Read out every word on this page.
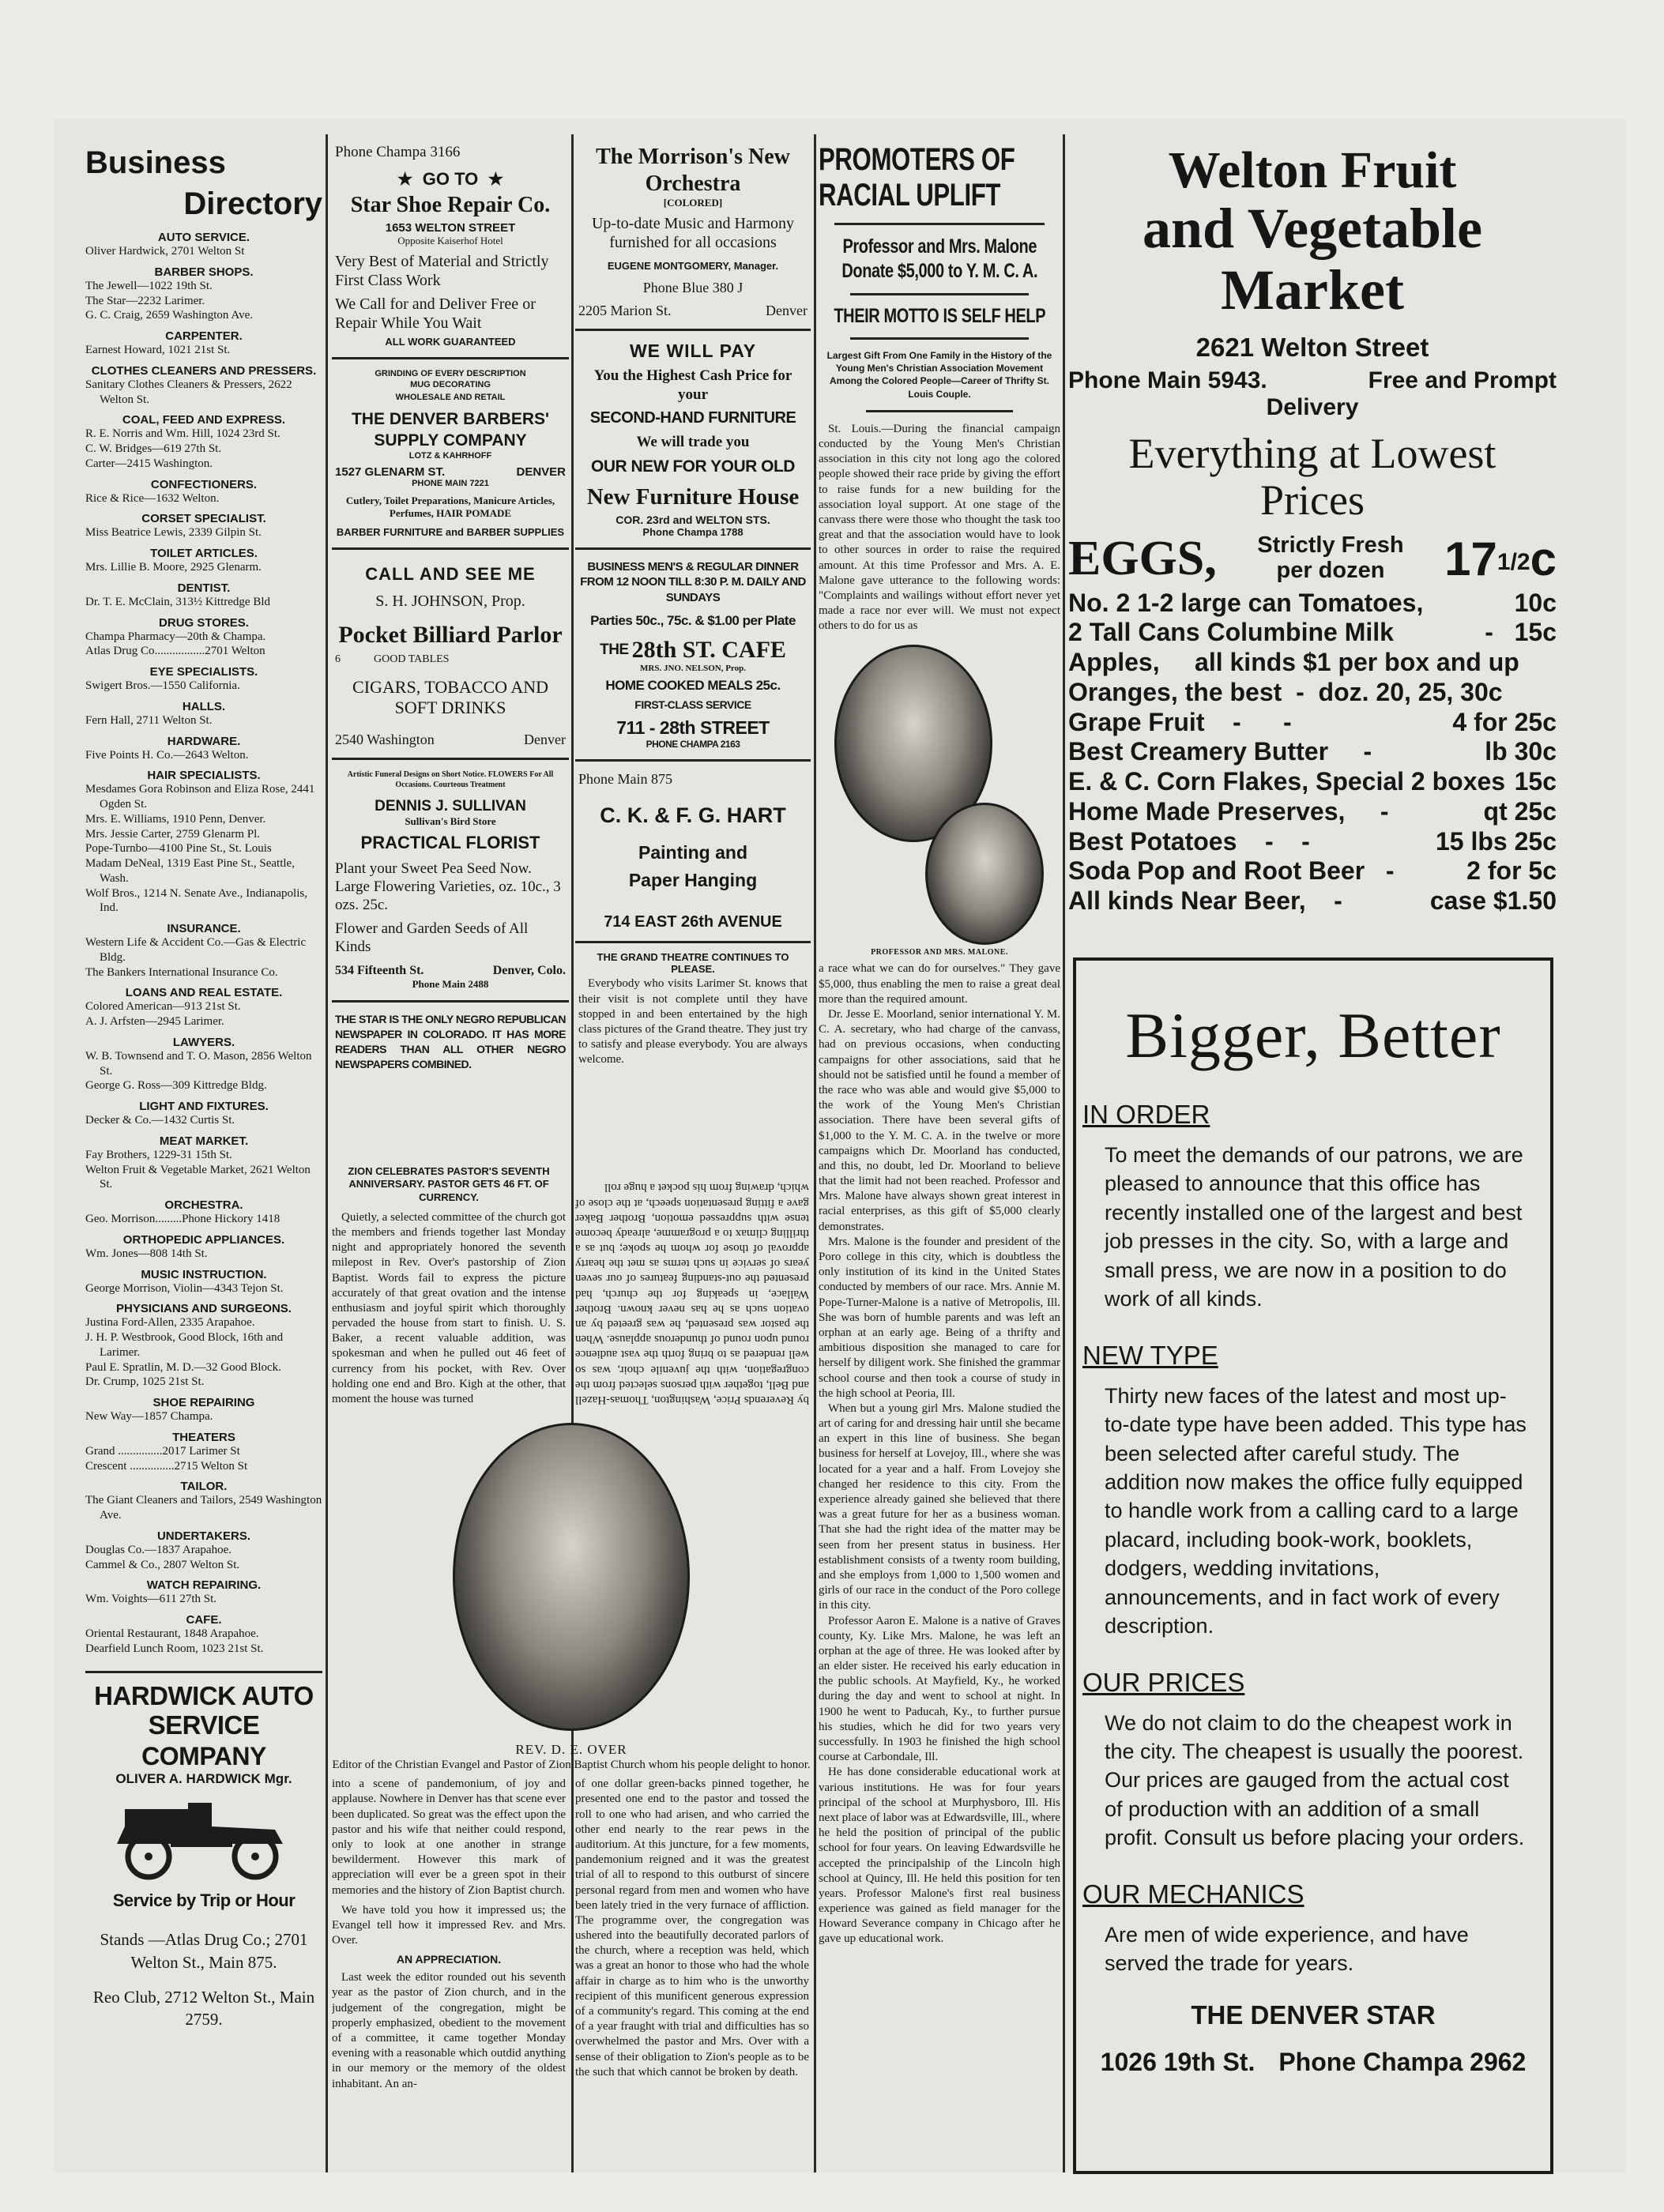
Business
Directory
AUTO SERVICE.
Oliver Hardwick, 2701 Welton St
BARBER SHOPS.
The Jewell—1022 19th St.
The Star—2232 Larimer.
G. C. Craig, 2659 Washington Ave.
CARPENTER.
Earnest Howard, 1021 21st St.
CLOTHES CLEANERS AND PRESSERS.
Sanitary Clothes Cleaners & Pressers, 2622 Welton St.
COAL, FEED AND EXPRESS.
R. E. Norris and Wm. Hill, 1024 23rd St.
C. W. Bridges—619 27th St.
Carter—2415 Washington.
CONFECTIONERS.
Rice & Rice—1632 Welton.
CORSET SPECIALIST.
Miss Beatrice Lewis, 2339 Gilpin St.
TOILET ARTICLES.
Mrs. Lillie B. Moore, 2925 Glenarm.
DENTIST.
Dr. T. E. McClain, 313½ Kittredge Bld
DRUG STORES.
Champa Pharmacy—20th & Champa.
Atlas Drug Co.................2701 Welton
EYE SPECIALISTS.
Swigert Bros.—1550 California.
HALLS.
Fern Hall, 2711 Welton St.
HARDWARE.
Five Points H. Co.—2643 Welton.
HAIR SPECIALISTS.
Mesdames Gora Robinson and Eliza Rose, 2441 Ogden St.
Mrs. E. Williams, 1910 Penn, Denver.
Mrs. Jessie Carter, 2759 Glenarm Pl.
Pope-Turnbo—4100 Pine St., St. Louis
Madam DeNeal, 1319 East Pine St., Seattle, Wash.
Wolf Bros., 1214 N. Senate Ave., Indianapolis, Ind.
INSURANCE.
Western Life & Accident Co.—Gas & Electric Bldg.
The Bankers International Insurance Co.
LOANS AND REAL ESTATE.
Colored American—913 21st St.
A. J. Arfsten—2945 Larimer.
LAWYERS.
W. B. Townsend and T. O. Mason, 2856 Welton St.
George G. Ross—309 Kittredge Bldg.
LIGHT AND FIXTURES.
Decker & Co.—1432 Curtis St.
MEAT MARKET.
Fay Brothers, 1229-31 15th St.
Welton Fruit & Vegetable Market, 2621 Welton St.
ORCHESTRA.
Geo. Morrison.........Phone Hickory 1418
ORTHOPEDIC APPLIANCES.
Wm. Jones—808 14th St.
MUSIC INSTRUCTION.
George Morrison, Violin—4343 Tejon St.
PHYSICIANS AND SURGEONS.
Justina Ford-Allen, 2335 Arapahoe.
J. H. P. Westbrook, Good Block, 16th and Larimer.
Paul E. Spratlin, M. D.—32 Good Block.
Dr. Crump, 1025 21st St.
SHOE REPAIRING
New Way—1857 Champa.
THEATERS
Grand ...............2017 Larimer St
Crescent ...............2715 Welton St
TAILOR.
The Giant Cleaners and Tailors, 2549 Washington Ave.
UNDERTAKERS.
Douglas Co.—1837 Arapahoe.
Cammel & Co., 2807 Welton St.
WATCH REPAIRING.
Wm. Voights—611 27th St.
CAFE.
Oriental Restaurant, 1848 Arapahoe.
Dearfield Lunch Room, 1023 21st St.
HARDWICK AUTO SERVICE
COMPANY
OLIVER A. HARDWICK Mgr.
Service by Trip or Hour
Stands —Atlas Drug Co.; 2701 Welton St., Main 875.
Reo Club, 2712 Welton St., Main 2759.
Phone Champa 3166
★ GO TO ★
Star Shoe Repair Co.
1653 WELTON STREET
Opposite Kaiserhof Hotel
Very Best of Material and Strictly First Class Work
We Call for and Deliver Free or Repair While You Wait
ALL WORK GUARANTEED
GRINDING OF EVERY DESCRIPTION
MUG DECORATING
WHOLESALE AND RETAIL
THE DENVER BARBERS' SUPPLY COMPANY
LOTZ & KAHRHOFF
1527 GLENARM ST.	DENVER
PHONE MAIN 7221
Cutlery, Toilet Preparations, Manicure Articles, Perfumes, HAIR POMADE
BARBER FURNITURE and BARBER SUPPLIES
CALL AND SEE ME
S. H. JOHNSON, Prop.
Pocket Billiard Parlor
6	GOOD TABLES
CIGARS, TOBACCO AND SOFT DRINKS
2540 Washington	Denver
Artistic Funeral Designs on Short Notice. FLOWERS For All Occasions. Courteous Treatment
DENNIS J. SULLIVAN
Sullivan's Bird Store
PRACTICAL FLORIST
Plant your Sweet Pea Seed Now. Large Flowering Varieties, oz. 10c., 3 ozs. 25c.
Flower and Garden Seeds of All Kinds
534 Fifteenth St.	Denver, Colo.
Phone Main 2488
THE STAR IS THE ONLY NEGRO REPUBLICAN NEWSPAPER IN COLORADO. IT HAS MORE READERS THAN ALL OTHER NEGRO NEWSPAPERS COMBINED.
The Morrison's New Orchestra
[COLORED]
Up-to-date Music and Harmony furnished for all occasions
EUGENE MONTGOMERY, Manager.
Phone Blue 380 J
2205 Marion St.	Denver
WE WILL PAY
You the Highest Cash Price for your
SECOND-HAND FURNITURE
We will trade you
OUR NEW FOR YOUR OLD
New Furniture House
COR. 23rd and WELTON STS.
Phone Champa 1788
BUSINESS MEN'S & REGULAR DINNER FROM 12 NOON TILL 8:30 P. M. DAILY AND SUNDAYS
Parties 50c., 75c. & $1.00 per Plate
THE 28th ST. CAFE
MRS. JNO. NELSON, Prop.
HOME COOKED MEALS 25c.
FIRST-CLASS SERVICE
711 - 28th STREET
PHONE CHAMPA 2163
Phone Main 875
C. K. & F. G. HART
Painting and
Paper Hanging
714 EAST 26th AVENUE
THE GRAND THEATRE CONTINUES TO PLEASE.
Everybody who visits Larimer St. knows that their visit is not complete until they have stopped in and been entertained by the high class pictures of the Grand theatre. They just try to satisfy and please everybody. You are always welcome.
ZION CELEBRATES PASTOR'S SEVENTH ANNIVERSARY. PASTOR GETS 46 FT. OF CURRENCY.
Quietly, a selected committee of the church got the members and friends together last Monday night and appropriately honored the seventh milepost in Rev. Over's pastorship of Zion Baptist. Words fail to express the picture accurately of that great ovation and the intense enthusiasm and joyful spirit which thoroughly pervaded the house from start to finish. U. S. Baker, a recent valuable addition, was spokesman and when he pulled out 46 feet of currency from his pocket, with Rev. Over holding one end and Bro. Kigh at the other, that moment the house was turned	by Reverends Price, Washington, Thomas-Hazell and Bell, together with persons selected from the congregation, with the juvenile choir, was so well rendered as to bring forth the vast audience round upon round of thunderous applause. When the pastor was presented, he was greeted by an ovation such as he has never known. Brother Wallace, in speaking for the church, had presented the out-standing features of our seven years of service in such terms as met the hearty approval of those for whom he spoke; but as a thrilling climax to a programme, already become tense with suppressed emotion, Brother Baker gave a fitting presentation speech, at the close of which, drawing from his pocket a huge roll
REV. D. E. OVER
Editor of the Christian Evangel and Pastor of Zion Baptist Church whom his people delight to honor.
into a scene of pandemonium, of joy and applause. Nowhere in Denver has that scene ever been duplicated. So great was the effect upon the pastor and his wife that neither could respond, only to look at one another in strange bewilderment. However this mark of appreciation will ever be a green spot in their memories and the history of Zion Baptist church.
We have told you how it impressed us; the Evangel tell how it impressed Rev. and Mrs. Over.
AN APPRECIATION.
Last week the editor rounded out his seventh year as the pastor of Zion church, and in the judgement of the congregation, might be properly emphasized, obedient to the movement of a committee, it came together Monday evening with a reasonable which outdid anything in our memory or the memory of the oldest inhabitant. An an-
of one dollar green-backs pinned together, he presented one end to the pastor and tossed the roll to one who had arisen, and who carried the other end nearly to the rear pews in the auditorium. At this juncture, for a few moments, pandemonium reigned and it was the greatest trial of all to respond to this outburst of sincere personal regard from men and women who have been lately tried in the very furnace of affliction. The programme over, the congregation was ushered into the beautifully decorated parlors of the church, where a reception was held, which was a great an honor to those who had the whole affair in charge as to him who is the unworthy recipient of this munificent generous expression of a community's regard. This coming at the end of a year fraught with trial and difficulties has so overwhelmed the pastor and Mrs. Over with a sense of their obligation to Zion's people as to be the such that which cannot be broken by death.
PROMOTERS OF RACIAL UPLIFT
Professor and Mrs. Malone Donate $5,000 to Y. M. C. A.
THEIR MOTTO IS SELF HELP
Largest Gift From One Family in the History of the Young Men's Christian Association Movement Among the Colored People—Career of Thrifty St. Louis Couple.
St. Louis.—During the financial campaign conducted by the Young Men's Christian association in this city not long ago the colored people showed their race pride by giving the effort to raise funds for a new building for the association loyal support. At one stage of the canvass there were those who thought the task too great and that the association would have to look to other sources in order to raise the required amount. At this time Professor and Mrs. A. E. Malone gave utterance to the following words: "Complaints and wailings without effort never yet made a race nor ever will. We must not expect others to do for us as
PROFESSOR AND MRS. MALONE.
a race what we can do for ourselves." They gave $5,000, thus enabling the men to raise a great deal more than the required amount.
Dr. Jesse E. Moorland, senior international Y. M. C. A. secretary, who had charge of the canvass, had on previous occasions, when conducting campaigns for other associations, said that he should not be satisfied until he found a member of the race who was able and would give $5,000 to the work of the Young Men's Christian association. There have been several gifts of $1,000 to the Y. M. C. A. in the twelve or more campaigns which Dr. Moorland has conducted, and this, no doubt, led Dr. Moorland to believe that the limit had not been reached. Professor and Mrs. Malone have always shown great interest in racial enterprises, as this gift of $5,000 clearly demonstrates.
Mrs. Malone is the founder and president of the Poro college in this city, which is doubtless the only institution of its kind in the United States conducted by members of our race. Mrs. Annie M. Pope-Turner-Malone is a native of Metropolis, Ill. She was born of humble parents and was left an orphan at an early age. Being of a thrifty and ambitious disposition she managed to care for herself by diligent work. She finished the grammar school course and then took a course of study in the high school at Peoria, Ill.
When but a young girl Mrs. Malone studied the art of caring for and dressing hair until she became an expert in this line of business. She began business for herself at Lovejoy, Ill., where she was located for a year and a half. From Lovejoy she changed her residence to this city. From the experience already gained she believed that there was a great future for her as a business woman. That she had the right idea of the matter may be seen from her present status in business. Her establishment consists of a twenty room building, and she employs from 1,000 to 1,500 women and girls of our race in the conduct of the Poro college in this city.
Professor Aaron E. Malone is a native of Graves county, Ky. Like Mrs. Malone, he was left an orphan at the age of three. He was looked after by an elder sister. He received his early education in the public schools. At Mayfield, Ky., he worked during the day and went to school at night. In 1900 he went to Paducah, Ky., to further pursue his studies, which he did for two years very successfully. In 1903 he finished the high school course at Carbondale, Ill.
He has done considerable educational work at various institutions. He was for four years principal of the school at Murphysboro, Ill. His next place of labor was at Edwardsville, Ill., where he held the position of principal of the public school for four years. On leaving Edwardsville he accepted the principalship of the Lincoln high school at Quincy, Ill. He held this position for ten years. Professor Malone's first real business experience was gained as field manager for the Howard Severance company in Chicago after he gave up educational work.
Welton Fruit
and Vegetable
Market
2621 Welton Street
Phone Main 5943.	Free and Prompt
Delivery
Everything at Lowest
Prices
EGGS, Strictly Fresh
per dozen	171/2c
No. 2 1-2 large can Tomatoes,	10c
2 Tall Cans Columbine Milk	-   15c
Apples,     all kinds $1 per box and up
Oranges, the best  -  doz. 20, 25, 30c
Grape Fruit    -      -	4 for 25c
Best Creamery Butter     -	lb 30c
E. & C. Corn Flakes, Special 2 boxes 15c
Home Made Preserves,     -	qt 25c
Best Potatoes    -    -	15 lbs 25c
Soda Pop and Root Beer   -	2 for 5c
All kinds Near Beer,    -	case $1.50
Bigger, Better
IN ORDER
To meet the demands of our patrons, we are pleased to announce that this office has recently installed one of the largest and best job presses in the city. So, with a large and small press, we are now in a position to do work of all kinds.
NEW TYPE
Thirty new faces of the latest and most up-to-date type have been added. This type has been selected after careful study. The addition now makes the office fully equipped to handle work from a calling card to a large placard, including book-work, booklets, dodgers, wedding invitations, announcements, and in fact work of every description.
OUR PRICES
We do not claim to do the cheapest work in the city. The cheapest is usually the poorest. Our prices are gauged from the actual cost of production with an addition of a small profit. Consult us before placing your orders.
OUR MECHANICS
Are men of wide experience, and have served the trade for years.
THE DENVER STAR
1026 19th St. Phone Champa 2962
